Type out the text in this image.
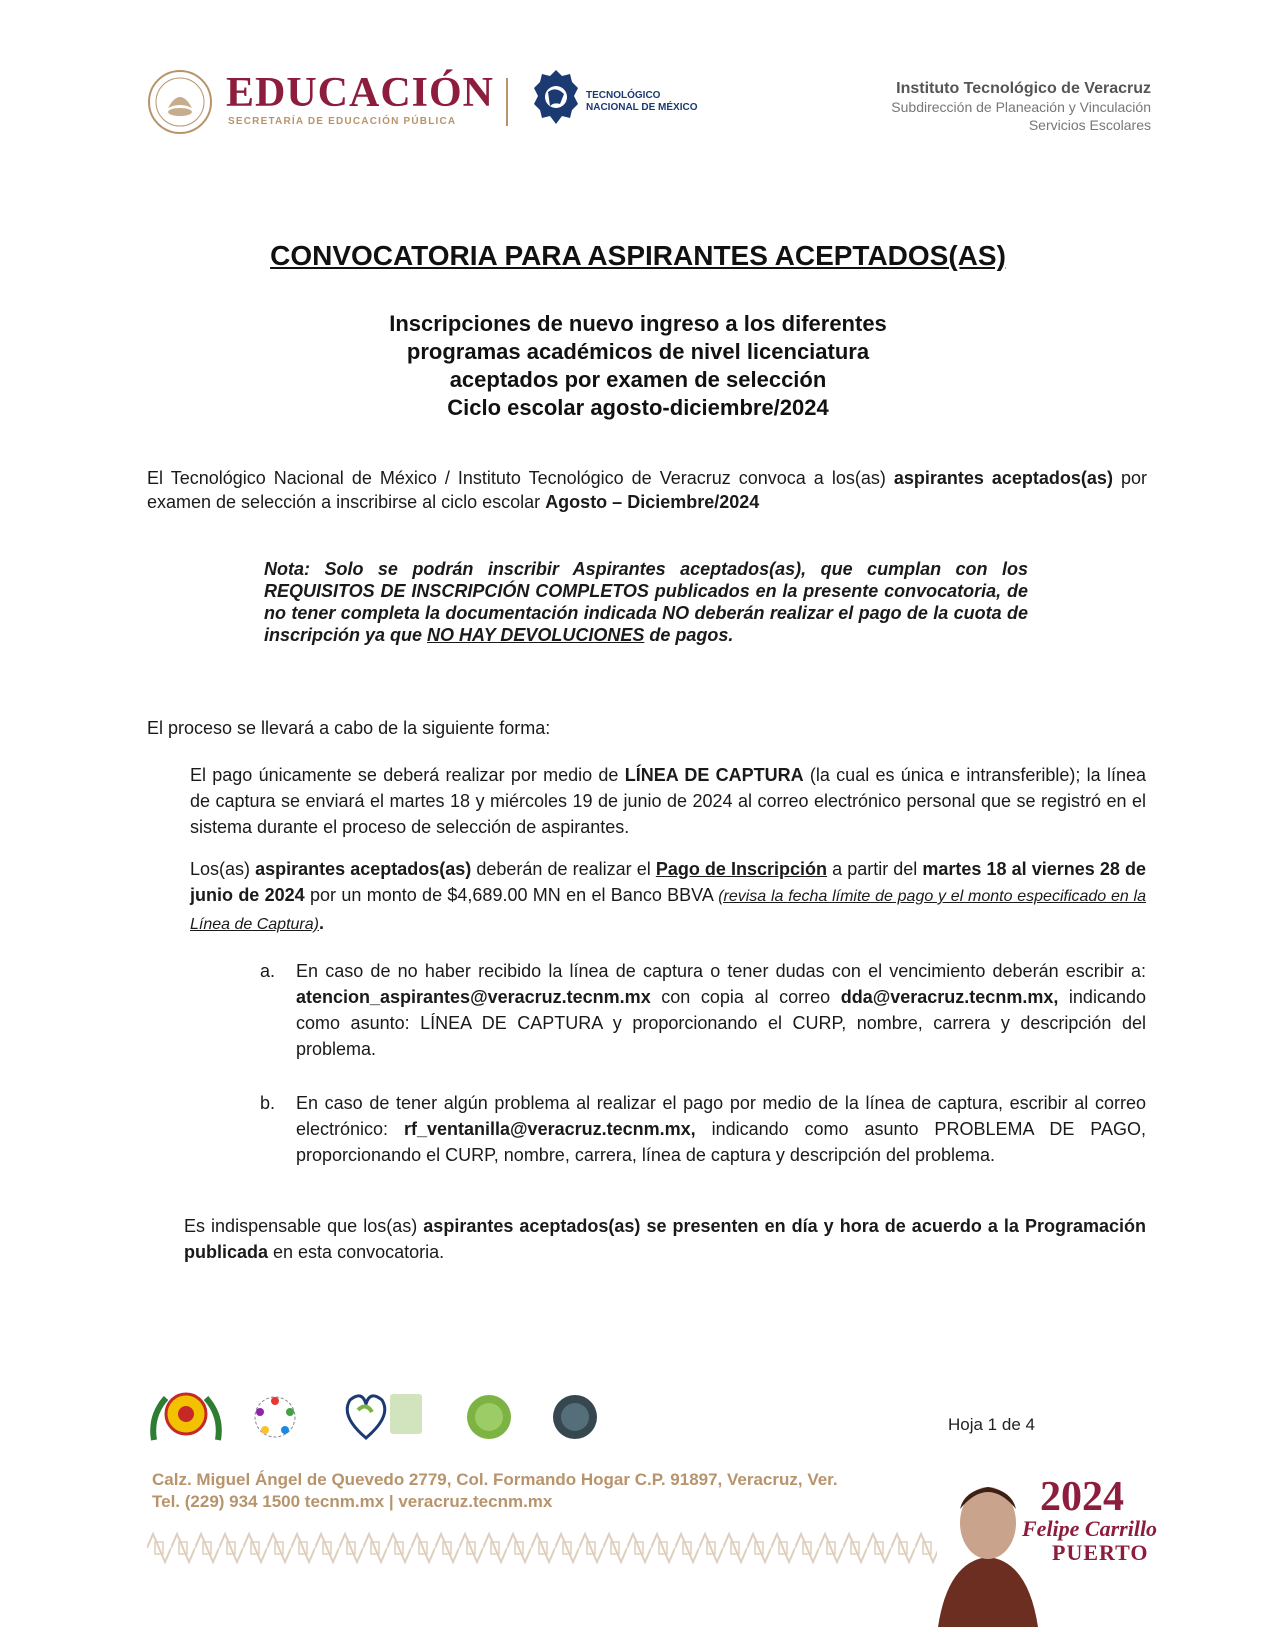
EDUCACIÓN
SECRETARÍA DE EDUCACIÓN PÚBLICA
TECNOLÓGICO
NACIONAL DE MÉXICO
Instituto Tecnológico de Veracruz
Subdirección de Planeación y Vinculación
Servicios Escolares
CONVOCATORIA PARA ASPIRANTES ACEPTADOS(AS)
Inscripciones de nuevo ingreso a los diferentes
programas académicos de nivel licenciatura
aceptados por examen de selección
Ciclo escolar agosto-diciembre/2024
El Tecnológico Nacional de México / Instituto Tecnológico de Veracruz convoca a los(as) aspirantes aceptados(as) por examen de selección a inscribirse al ciclo escolar Agosto – Diciembre/2024
Nota: Solo se podrán inscribir Aspirantes aceptados(as), que cumplan con los REQUISITOS DE INSCRIPCIÓN COMPLETOS publicados en la presente convocatoria, de no tener completa la documentación indicada NO deberán realizar el pago de la cuota de inscripción ya que NO HAY DEVOLUCIONES de pagos.
El proceso se llevará a cabo de la siguiente forma:
El pago únicamente se deberá realizar por medio de LÍNEA DE CAPTURA (la cual es única e intransferible); la línea de captura se enviará el martes 18 y miércoles 19 de junio de 2024 al correo electrónico personal que se registró en el sistema durante el proceso de selección de aspirantes.
Los(as) aspirantes aceptados(as) deberán de realizar el Pago de Inscripción a partir del martes 18 al viernes 28 de junio de 2024 por un monto de $4,689.00 MN en el Banco BBVA (revisa la fecha límite de pago y el monto especificado en la Línea de Captura).
a. En caso de no haber recibido la línea de captura o tener dudas con el vencimiento deberán escribir a: atencion_aspirantes@veracruz.tecnm.mx con copia al correo dda@veracruz.tecnm.mx, indicando como asunto: LÍNEA DE CAPTURA y proporcionando el CURP, nombre, carrera y descripción del problema.
b. En caso de tener algún problema al realizar el pago por medio de la línea de captura, escribir al correo electrónico: rf_ventanilla@veracruz.tecnm.mx, indicando como asunto PROBLEMA DE PAGO, proporcionando el CURP, nombre, carrera, línea de captura y descripción del problema.
Es indispensable que los(as) aspirantes aceptados(as) se presenten en día y hora de acuerdo a la Programación publicada en esta convocatoria.
Hoja 1 de 4
Calz. Miguel Ángel de Quevedo 2779, Col. Formando Hogar C.P. 91897, Veracruz, Ver.
Tel. (229) 934 1500 tecnm.mx | veracruz.tecnm.mx	2024
Felipe Carrillo
PUERTO
